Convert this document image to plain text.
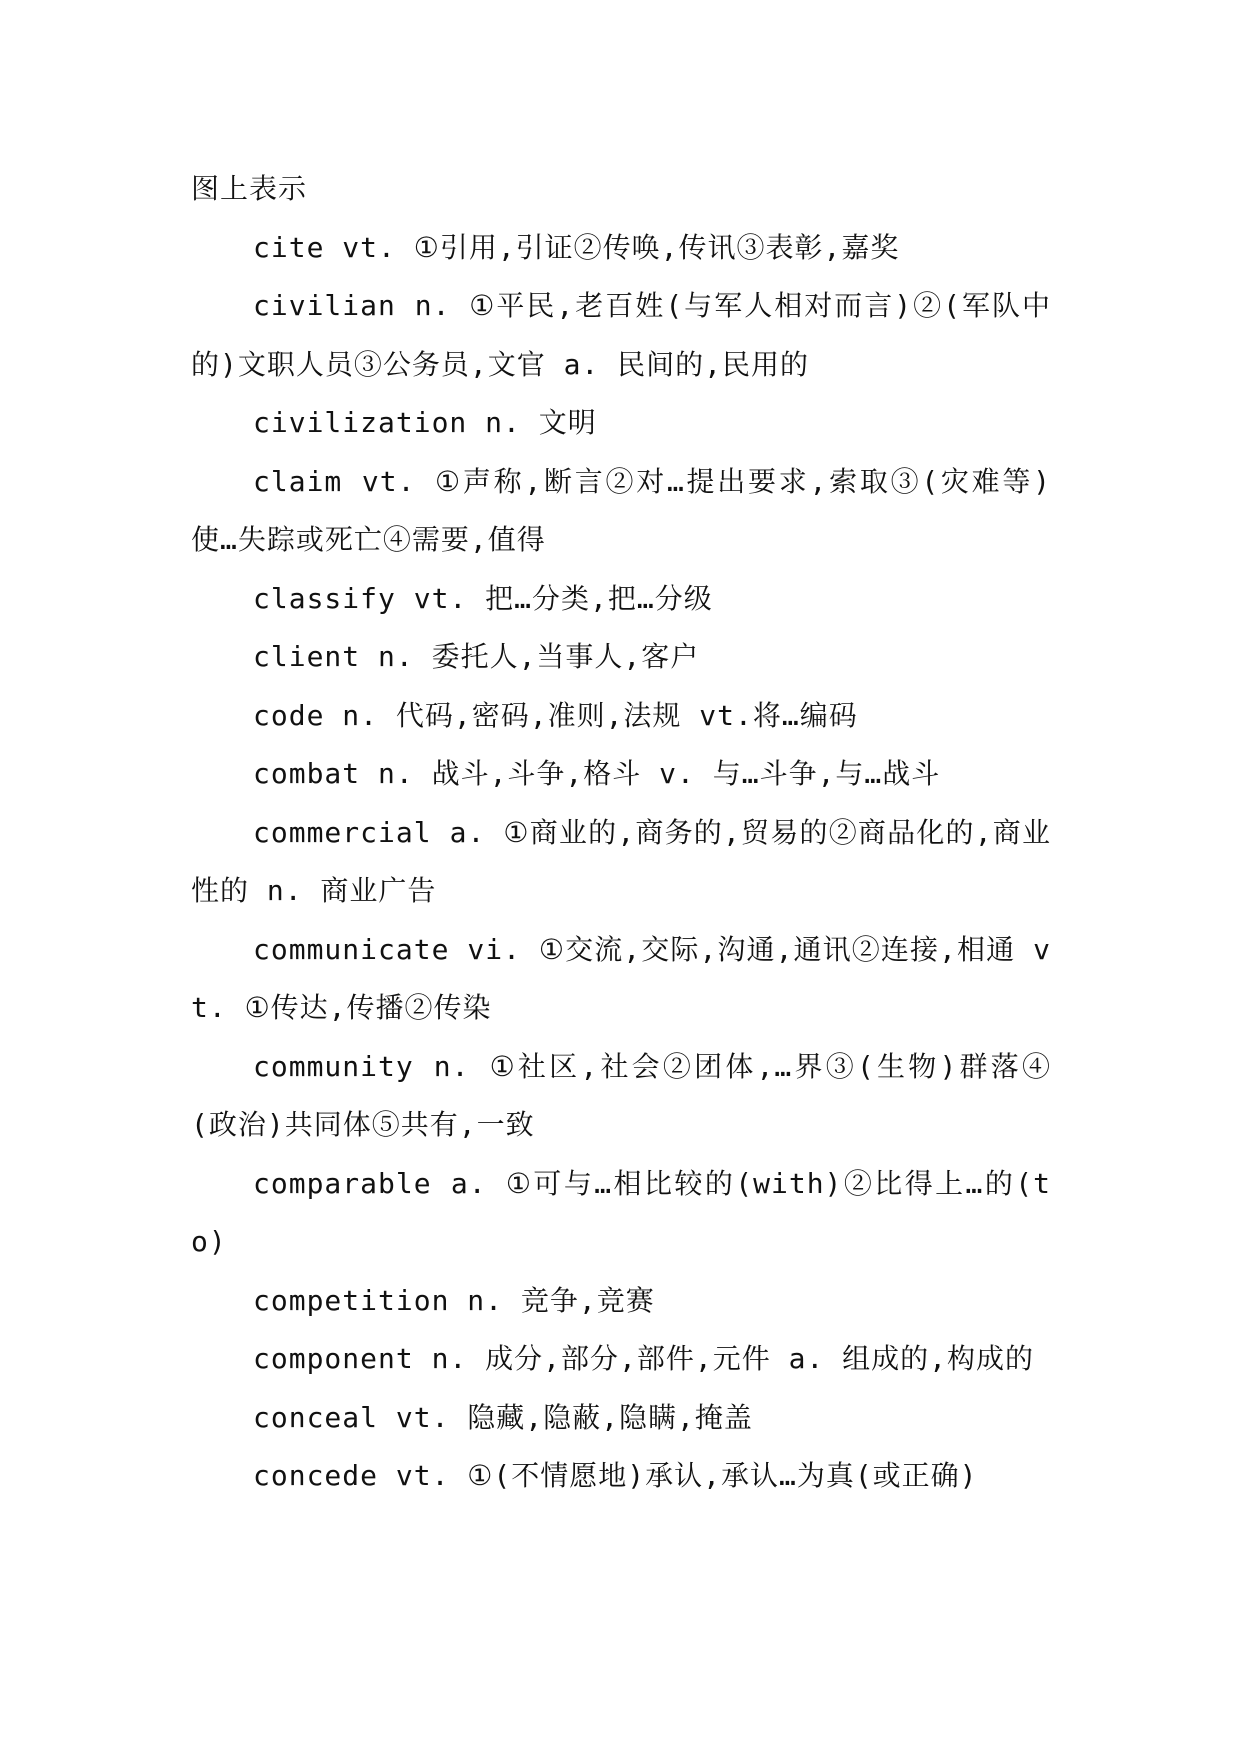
图上表示

cite vt. ①引用,引证②传唤,传讯③表彰,嘉奖

civilian n. ①平民,老百姓(与军人相对而言)②(军队中的)文职人员③公务员,文官 a. 民间的,民用的

civilization n. 文明

claim vt. ①声称,断言②对…提出要求,索取③(灾难等)使…失踪或死亡④需要,值得

classify vt. 把…分类,把…分级

client n. 委托人,当事人,客户

code n. 代码,密码,准则,法规 vt.将…编码

combat n. 战斗,斗争,格斗 v. 与…斗争,与…战斗

commercial a. ①商业的,商务的,贸易的②商品化的,商业性的 n. 商业广告

communicate vi. ①交流,交际,沟通,通讯②连接,相通 vt. ①传达,传播②传染

community n. ①社区,社会②团体,…界③(生物)群落④(政治)共同体⑤共有,一致

comparable a. ①可与…相比较的(with)②比得上…的(to)

competition n. 竞争,竞赛

component n. 成分,部分,部件,元件 a. 组成的,构成的

conceal vt. 隐藏,隐蔽,隐瞒,掩盖

concede vt. ①(不情愿地)承认,承认…为真(或正确)
